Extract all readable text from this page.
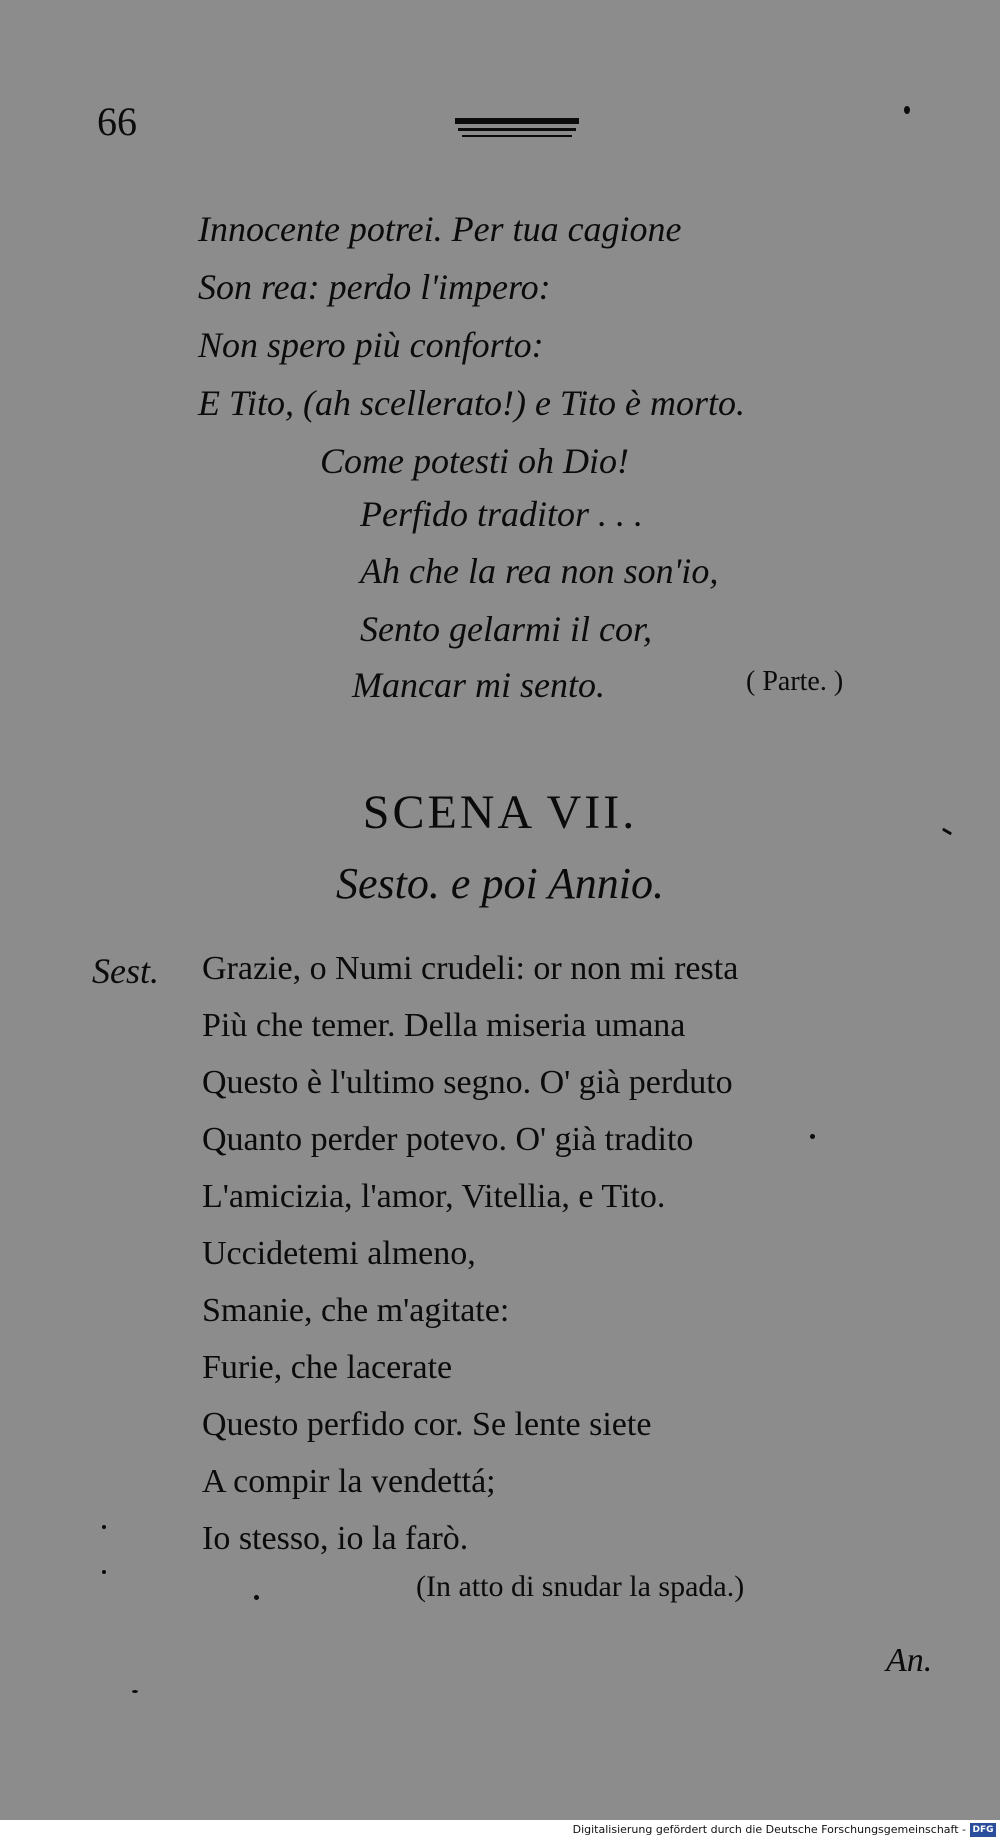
66
Innocente potrei. Per tua cagione
Son rea: perdo l'impero:
Non spero più conforto:
E Tito, (ah scellerato!) e Tito è morto.
Come potesti oh Dio!
Perfido traditor . . .
Ah che la rea non son'io,
Sento gelarmi il cor,
Mancar mi sento.	( Parte. )
SCENA VII.
Sesto. e poi Annio.
Sest. Grazie, o Numi crudeli: or non mi resta
Più che temer. Della miseria umana
Questo è l'ultimo segno. O' già perduto
Quanto perder potevo. O' già tradito
L'amicizia, l'amor, Vitellia, e Tito.
Uccidetemi almeno,
Smanie, che m'agitate:
Furie, che lacerate
Questo perfido cor. Se lente siete
A compir la vendettá;
Io stesso, io la farò.
(In atto di snudar la spada.)
An.
Digitalisierung gefördert durch die Deutsche Forschungsgemeinschaft - DFG
